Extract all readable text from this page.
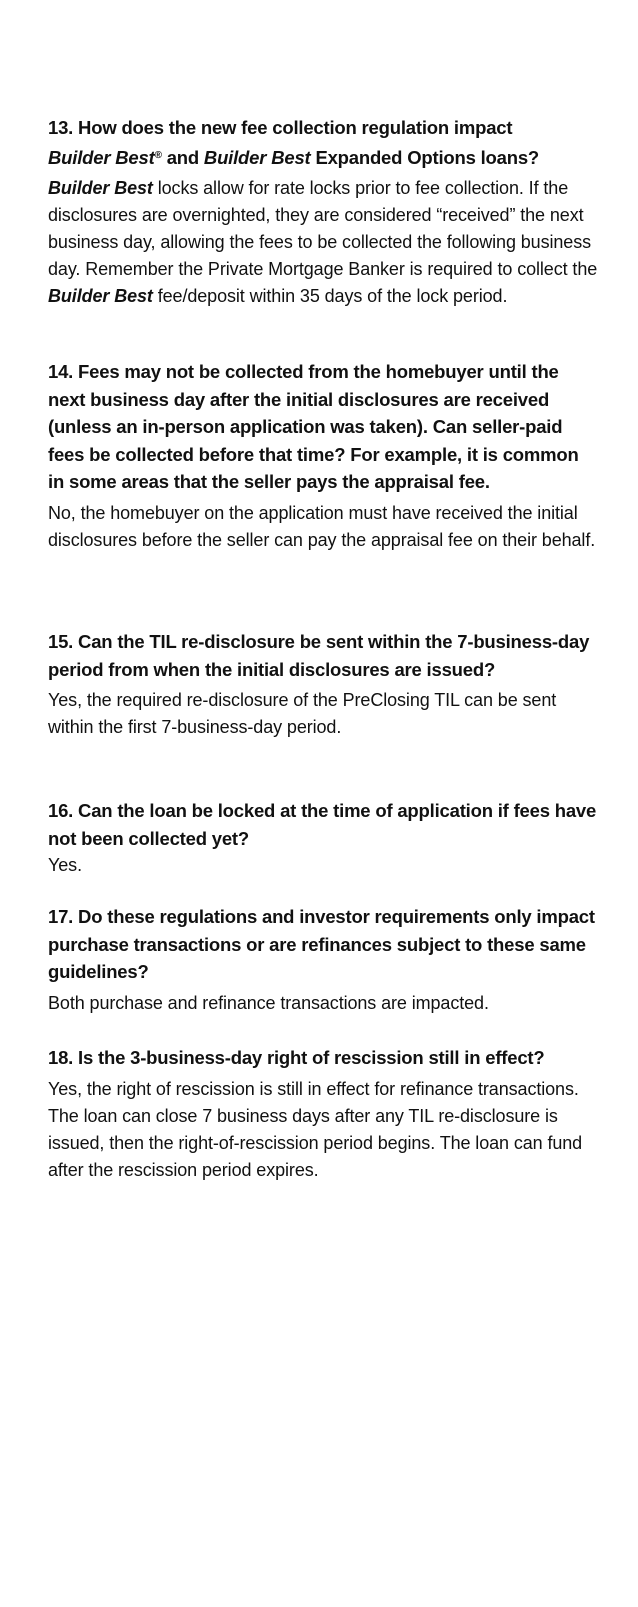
13. How does the new fee collection regulation impact
Builder Best® and Builder Best Expanded Options loans?

Builder Best locks allow for rate locks prior to fee collection. If the disclosures are overnighted, they are considered “received” the next business day, allowing the fees to be collected the following business day. Remember the Private Mortgage Banker is required to collect the Builder Best fee/deposit within 35 days of the lock period.

14. Fees may not be collected from the homebuyer until the next business day after the initial disclosures are received (unless an in-person application was taken). Can seller-paid fees be collected before that time? For example, it is common in some areas that the seller pays the appraisal fee.

No, the homebuyer on the application must have received the initial disclosures before the seller can pay the appraisal fee on their behalf.

15. Can the TIL re-disclosure be sent within the 7-business-day period from when the initial disclosures are issued?

Yes, the required re-disclosure of the PreClosing TIL can be sent within the first 7-business-day period.

16. Can the loan be locked at the time of application if fees have not been collected yet?

Yes.

17. Do these regulations and investor requirements only impact purchase transactions or are refinances subject to these same guidelines?

Both purchase and refinance transactions are impacted.

18. Is the 3-business-day right of rescission still in effect?

Yes, the right of rescission is still in effect for refinance transactions. The loan can close 7 business days after any TIL re-disclosure is issued, then the right-of-rescission period begins. The loan can fund after the rescission period expires.
